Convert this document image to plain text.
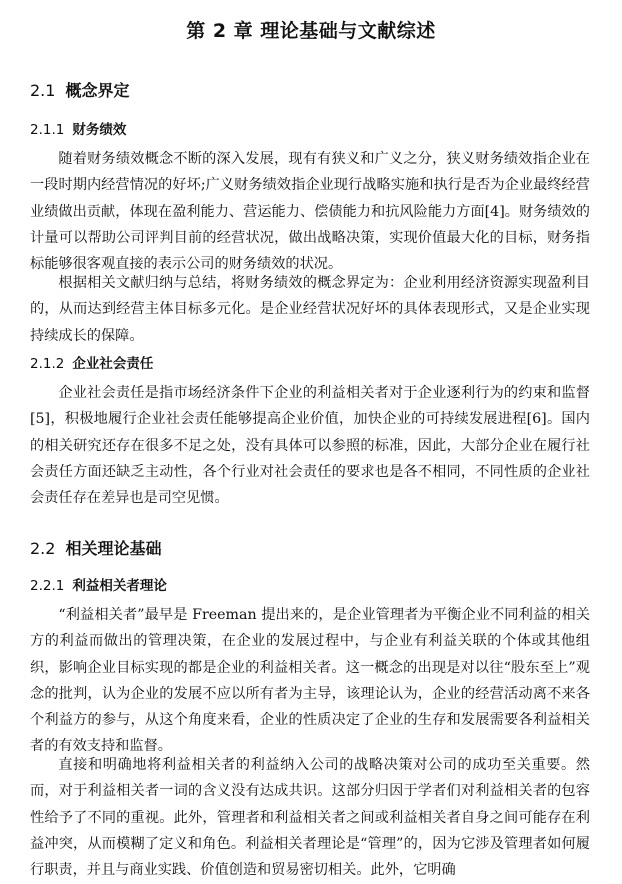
第 2 章 理论基础与文献综述
2.1 概念界定
2.1.1 财务绩效

随着财务绩效概念不断的深入发展，现有有狭义和广义之分，狭义财务绩效指企业在一段时期内经营情况的好坏;广义财务绩效指企业现行战略实施和执行是否为企业最终经营业绩做出贡献，体现在盈利能力、营运能力、偿债能力和抗风险能力方面[4]。财务绩效的计量可以帮助公司评判目前的经营状况，做出战略决策，实现价值最大化的目标，财务指标能够很客观直接的表示公司的财务绩效的状况。

根据相关文献归纳与总结，将财务绩效的概念界定为：企业利用经济资源实现盈利目的，从而达到经营主体目标多元化。是企业经营状况好坏的具体表现形式，又是企业实现持续成长的保障。

2.1.2 企业社会责任

企业社会责任是指市场经济条件下企业的利益相关者对于企业逐利行为的约束和监督[5]，积极地履行企业社会责任能够提高企业价值，加快企业的可持续发展进程[6]。国内的相关研究还存在很多不足之处，没有具体可以参照的标准，因此，大部分企业在履行社会责任方面还缺乏主动性，各个行业对社会责任的要求也是各不相同，不同性质的企业社会责任存在差异也是司空见惯。

2.2 相关理论基础
2.2.1 利益相关者理论

“利益相关者”最早是 Freeman 提出来的，是企业管理者为平衡企业不同利益的相关方的利益而做出的管理决策，在企业的发展过程中，与企业有利益关联的个体或其他组织，影响企业目标实现的都是企业的利益相关者。这一概念的出现是对以往“股东至上”观念的批判，认为企业的发展不应以所有者为主导，该理论认为，企业的经营活动离不来各个利益方的参与，从这个角度来看，企业的性质决定了企业的生存和发展需要各利益相关者的有效支持和监督。

直接和明确地将利益相关者的利益纳入公司的战略决策对公司的成功至关重要。然而，对于利益相关者一词的含义没有达成共识。这部分归因于学者们对利益相关者的包容性给予了不同的重视。此外，管理者和利益相关者之间或利益相关者自身之间可能存在利益冲突，从而模糊了定义和角色。利益相关者理论是“管理”的，因为它涉及管理者如何履行职责，并且与商业实践、价值创造和贸易密切相关。此外，它明确
